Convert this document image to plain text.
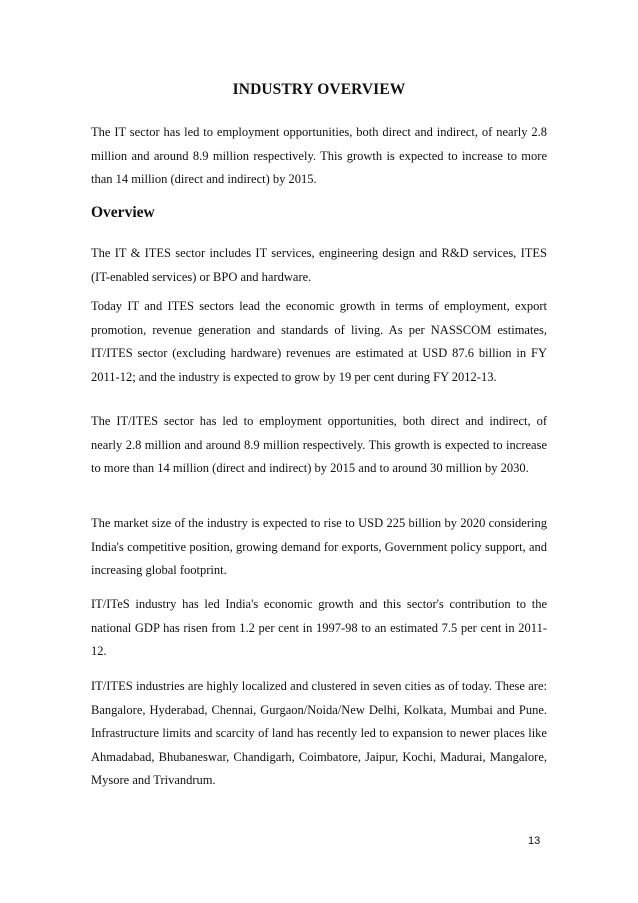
INDUSTRY OVERVIEW
The IT sector has led to employment opportunities, both direct and indirect, of nearly 2.8 million and around 8.9 million respectively. This growth is expected to increase to more than 14 million (direct and indirect) by 2015.
Overview
The IT & ITES sector includes IT services, engineering design and R&D services, ITES (IT-enabled services) or BPO and hardware.
Today IT and ITES sectors lead the economic growth in terms of employment, export promotion, revenue generation and standards of living. As per NASSCOM estimates, IT/ITES sector (excluding hardware) revenues are estimated at USD 87.6 billion in FY 2011-12; and the industry is expected to grow by 19 per cent during FY 2012-13.
The IT/ITES sector has led to employment opportunities, both direct and indirect, of nearly 2.8 million and around 8.9 million respectively. This growth is expected to increase to more than 14 million (direct and indirect) by 2015 and to around 30 million by 2030.
The market size of the industry is expected to rise to USD 225 billion by 2020 considering India's competitive position, growing demand for exports, Government policy support, and increasing global footprint.
IT/ITeS industry has led India's economic growth and this sector's contribution to the national GDP has risen from 1.2 per cent in 1997-98 to an estimated 7.5 per cent in 2011-12.
IT/ITES industries are highly localized and clustered in seven cities as of today. These are: Bangalore, Hyderabad, Chennai, Gurgaon/Noida/New Delhi, Kolkata, Mumbai and Pune. Infrastructure limits and scarcity of land has recently led to expansion to newer places like Ahmadabad, Bhubaneswar, Chandigarh, Coimbatore, Jaipur, Kochi, Madurai, Mangalore, Mysore and Trivandrum.
13
